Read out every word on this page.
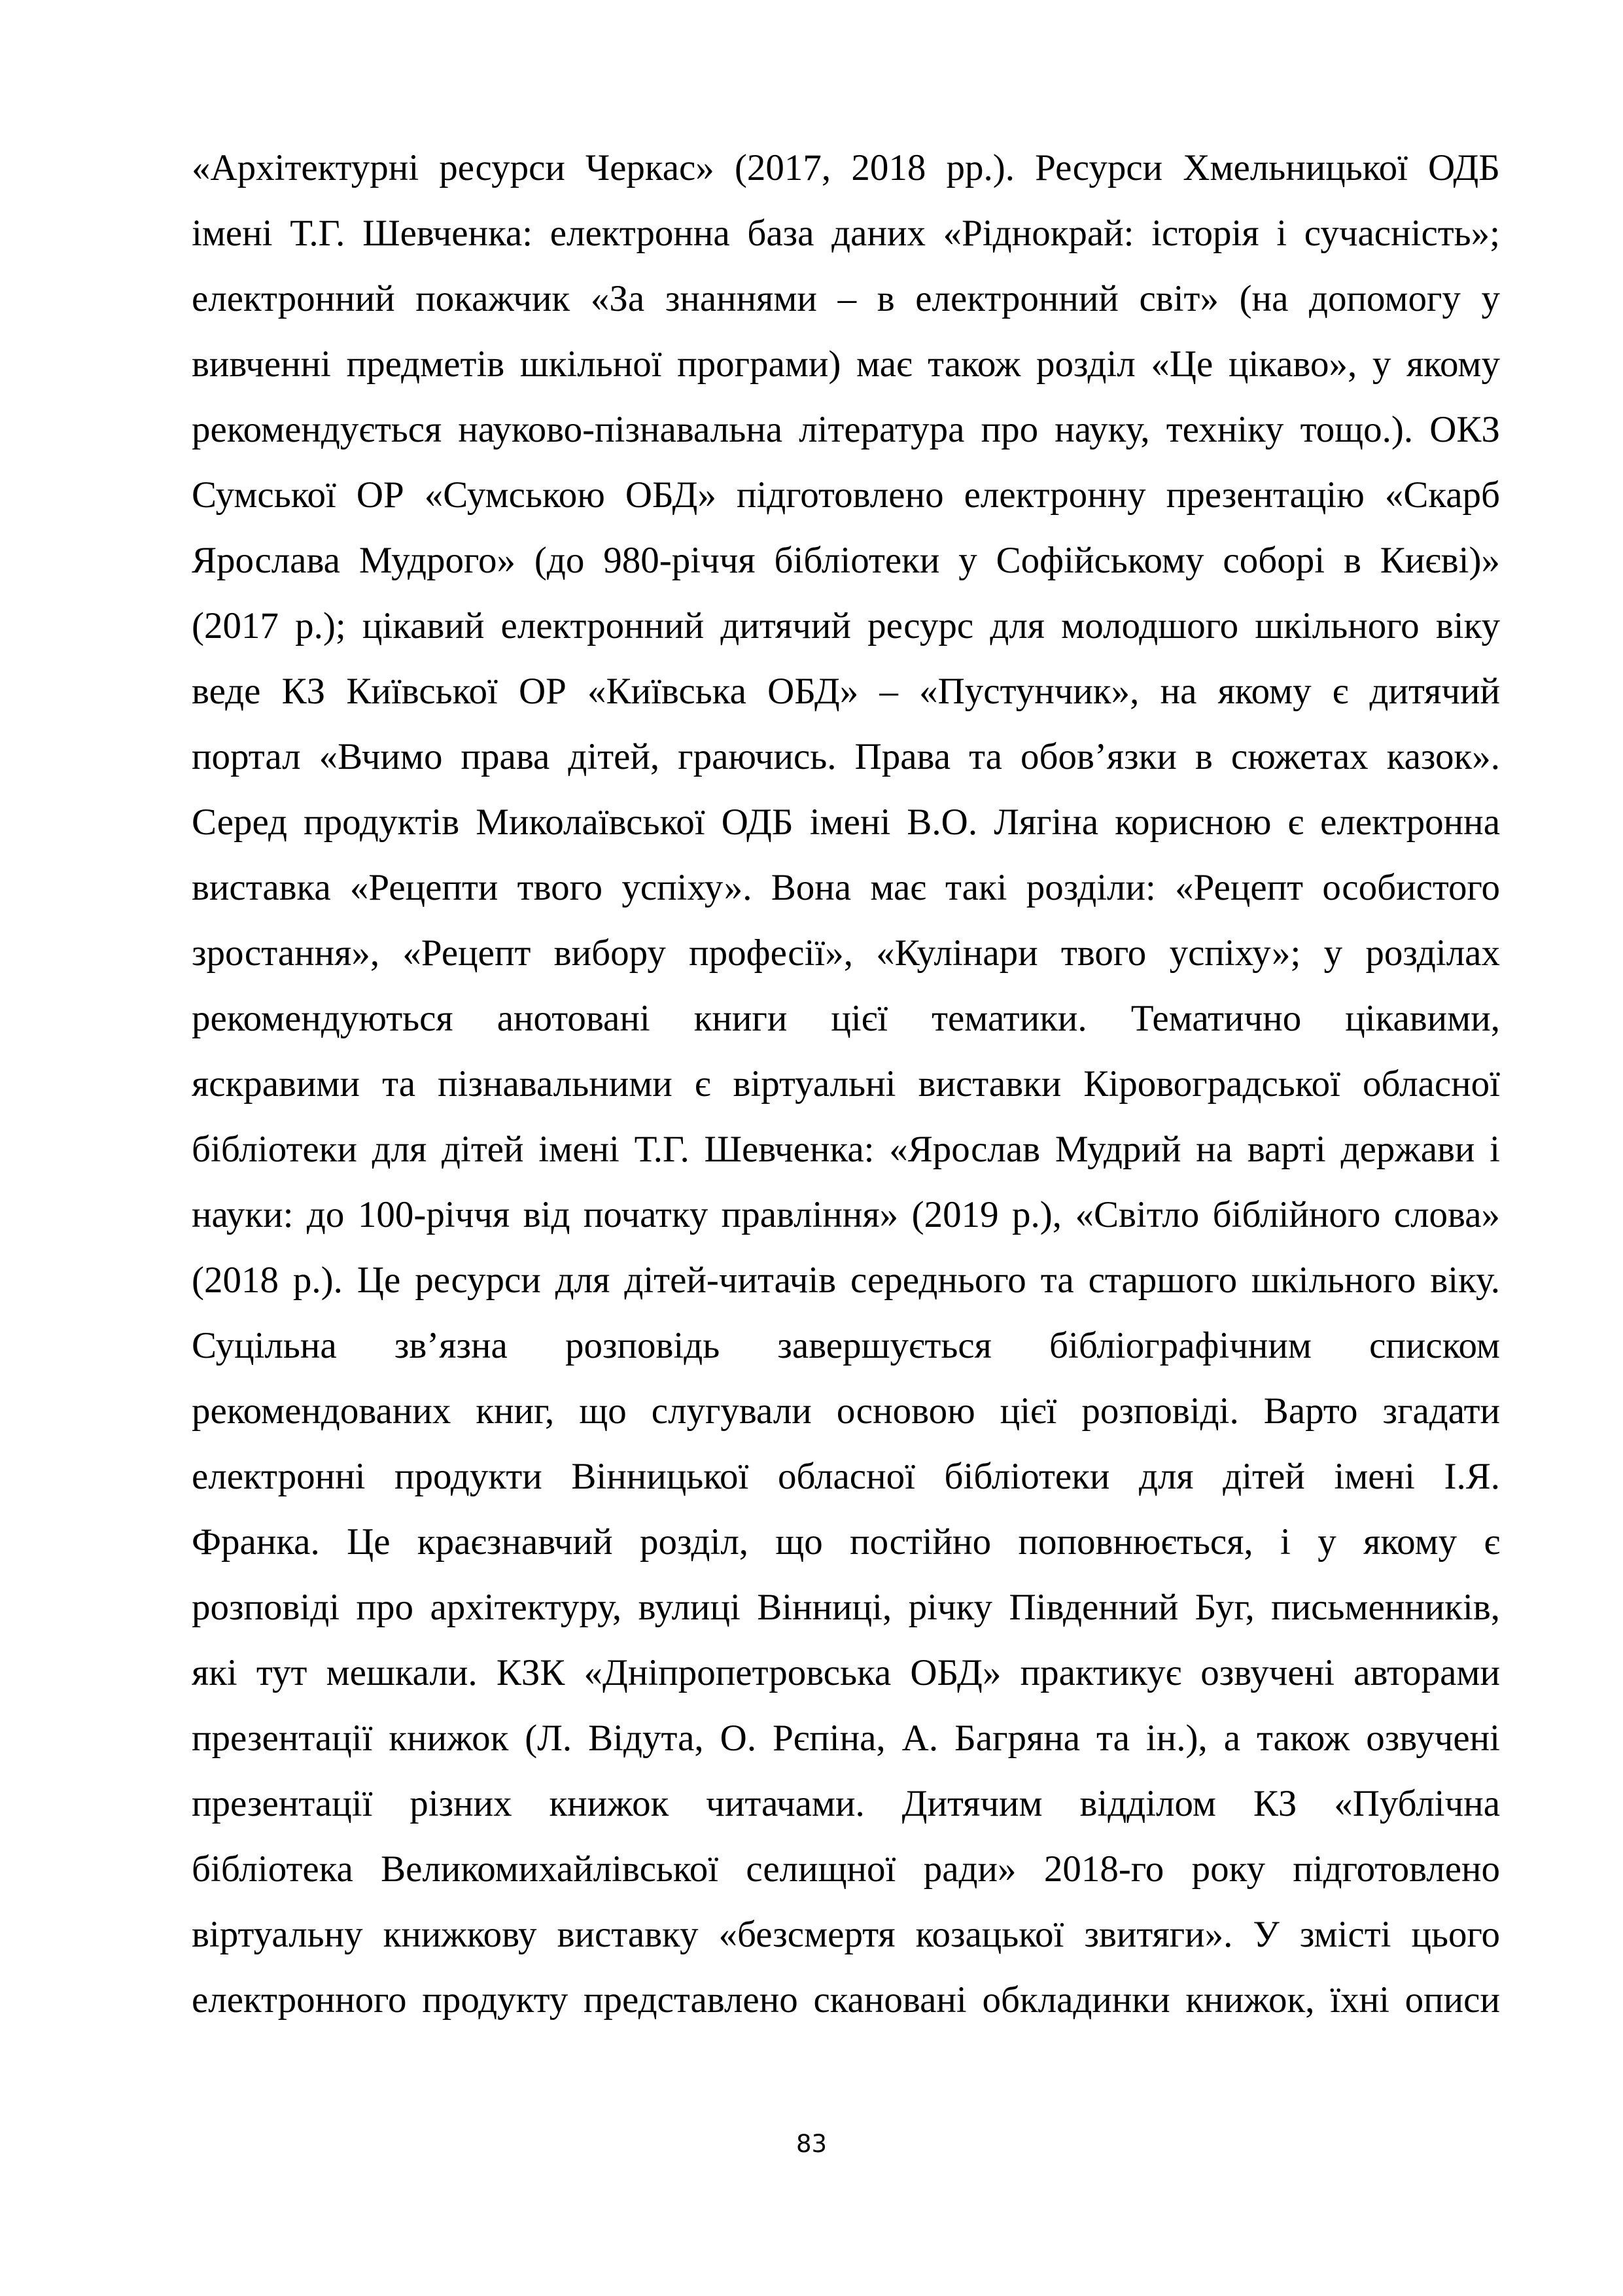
«Архітектурні ресурси Черкас» (2017, 2018 рр.). Ресурси Хмельницької ОДБ
імені Т.Г. Шевченка: електронна база даних «Ріднокрай: історія і сучасність»;
електронний покажчик «За знаннями – в електронний світ» (на допомогу у
вивченні предметів шкільної програми) має також розділ «Це цікаво», у якому
рекомендується науково-пізнавальна література про науку, техніку тощо.). ОКЗ
Сумської ОР «Сумською ОБД» підготовлено електронну презентацію «Скарб
Ярослава Мудрого» (до 980-річчя бібліотеки у Софійському соборі в Києві)»
(2017 р.); цікавий електронний дитячий ресурс для молодшого шкільного віку
веде КЗ Київської ОР «Київська ОБД» – «Пустунчик», на якому є дитячий
портал «Вчимо права дітей, граючись. Права та обов’язки в сюжетах казок».
Серед продуктів Миколаївської ОДБ імені В.О. Лягіна корисною є електронна
виставка «Рецепти твого успіху». Вона має такі розділи: «Рецепт особистого
зростання», «Рецепт вибору професії», «Кулінари твого успіху»; у розділах
рекомендуються анотовані книги цієї тематики. Тематично цікавими,
яскравими та пізнавальними є віртуальні виставки Кіровоградської обласної
бібліотеки для дітей імені Т.Г. Шевченка: «Ярослав Мудрий на варті держави і
науки: до 100-річчя від початку правління» (2019 р.), «Світло біблійного слова»
(2018 р.). Це ресурси для дітей-читачів середнього та старшого шкільного віку.
Суцільна зв’язна розповідь завершується бібліографічним списком
рекомендованих книг, що слугували основою цієї розповіді. Варто згадати
електронні продукти Вінницької обласної бібліотеки для дітей імені І.Я.
Франка. Це краєзнавчий розділ, що постійно поповнюється, і у якому є
розповіді про архітектуру, вулиці Вінниці, річку Південний Буг, письменників,
які тут мешкали. КЗК «Дніпропетровська ОБД» практикує озвучені авторами
презентації книжок (Л. Відута, О. Рєпіна, А. Багряна та ін.), а також озвучені
презентації різних книжок читачами. Дитячим відділом КЗ «Публічна
бібліотека Великомихайлівської селищної ради» 2018-го року підготовлено
віртуальну книжкову виставку «безсмертя козацької звитяги». У змісті цього
електронного продукту представлено скановані обкладинки книжок, їхні описи
83
